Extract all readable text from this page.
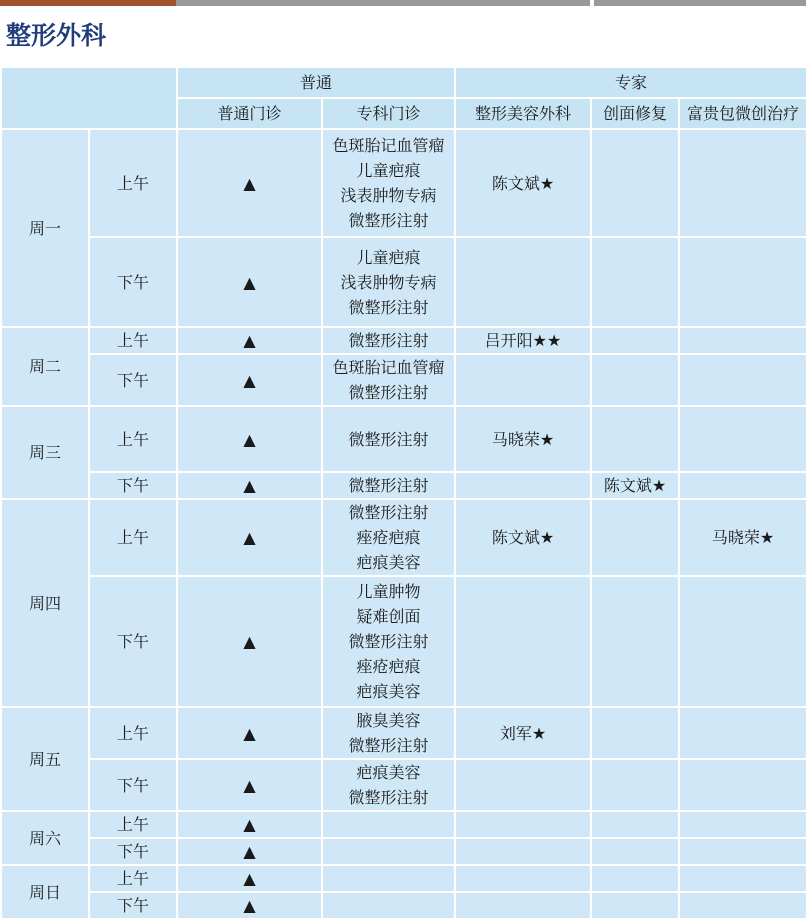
整形外科
		普通		专家		
		普通门诊	专科门诊	整形美容外科	创面修复	富贵包微创治疗
周一	上午	▲	色斑胎记血管瘤
儿童疤痕
浅表肿物专病
微整形注射	陈文斌★		
	下午	▲	儿童疤痕
浅表肿物专病
微整形注射			

周二	上午	▲	微整形注射	吕开阳★★		
	下午	▲	色斑胎记血管瘤
微整形注射			

周三	上午	▲	微整形注射	马晓荣★		
	下午	▲	微整形注射		陈文斌★	
周四	上午	▲	微整形注射
痤疮疤痕
疤痕美容	陈文斌★		马晓荣★
	下午	▲	儿童肿物
疑难创面
微整形注射
痤疮疤痕
疤痕美容			

周五	上午	▲	腋臭美容
微整形注射	刘军★		
	下午	▲	疤痕美容
微整形注射			

周六	上午	▲				
	下午	▲				
周日	上午	▲				
	下午	▲				
